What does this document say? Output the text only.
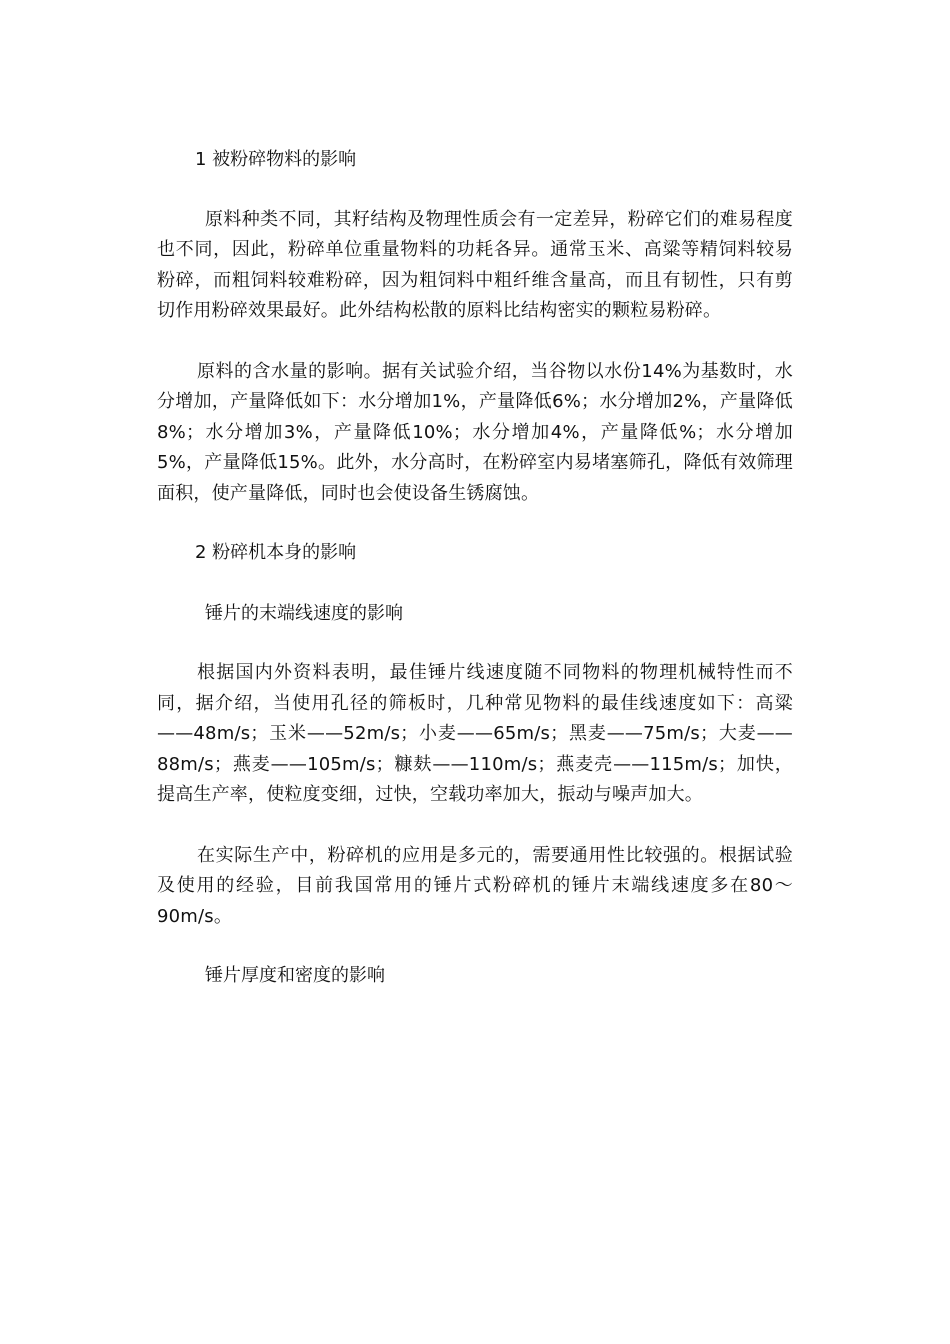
1 被粉碎物料的影响

原料种类不同，其籽结构及物理性质会有一定差异，粉碎它们的难易程度也不同，因此，粉碎单位重量物料的功耗各异。通常玉米、高粱等精饲料较易粉碎，而粗饲料较难粉碎，因为粗饲料中粗纤维含量高，而且有韧性，只有剪切作用粉碎效果最好。此外结构松散的原料比结构密实的颗粒易粉碎。

原料的含水量的影响。据有关试验介绍，当谷物以水份14%为基数时，水分增加，产量降低如下：水分增加1%，产量降低6%；水分增加2%，产量降低8%；水分增加3%，产量降低10%；水分增加4%，产量降低%；水分增加5%，产量降低15%。此外，水分高时，在粉碎室内易堵塞筛孔，降低有效筛理面积，使产量降低，同时也会使设备生锈腐蚀。

2 粉碎机本身的影响
锤片的末端线速度的影响

根据国内外资料表明，最佳锤片线速度随不同物料的物理机械特性而不同，据介绍，当使用孔径的筛板时，几种常见物料的最佳线速度如下：高粱——48m/s；玉米——52m/s；小麦——65m/s；黑麦——75m/s；大麦——88m/s；燕麦——105m/s；糠麸——110m/s；燕麦壳——115m/s；加快，提高生产率，使粒度变细，过快，空载功率加大，振动与噪声加大。

在实际生产中，粉碎机的应用是多元的，需要通用性比较强的。根据试验及使用的经验，目前我国常用的锤片式粉碎机的锤片末端线速度多在80～90m/s。

锤片厚度和密度的影响
